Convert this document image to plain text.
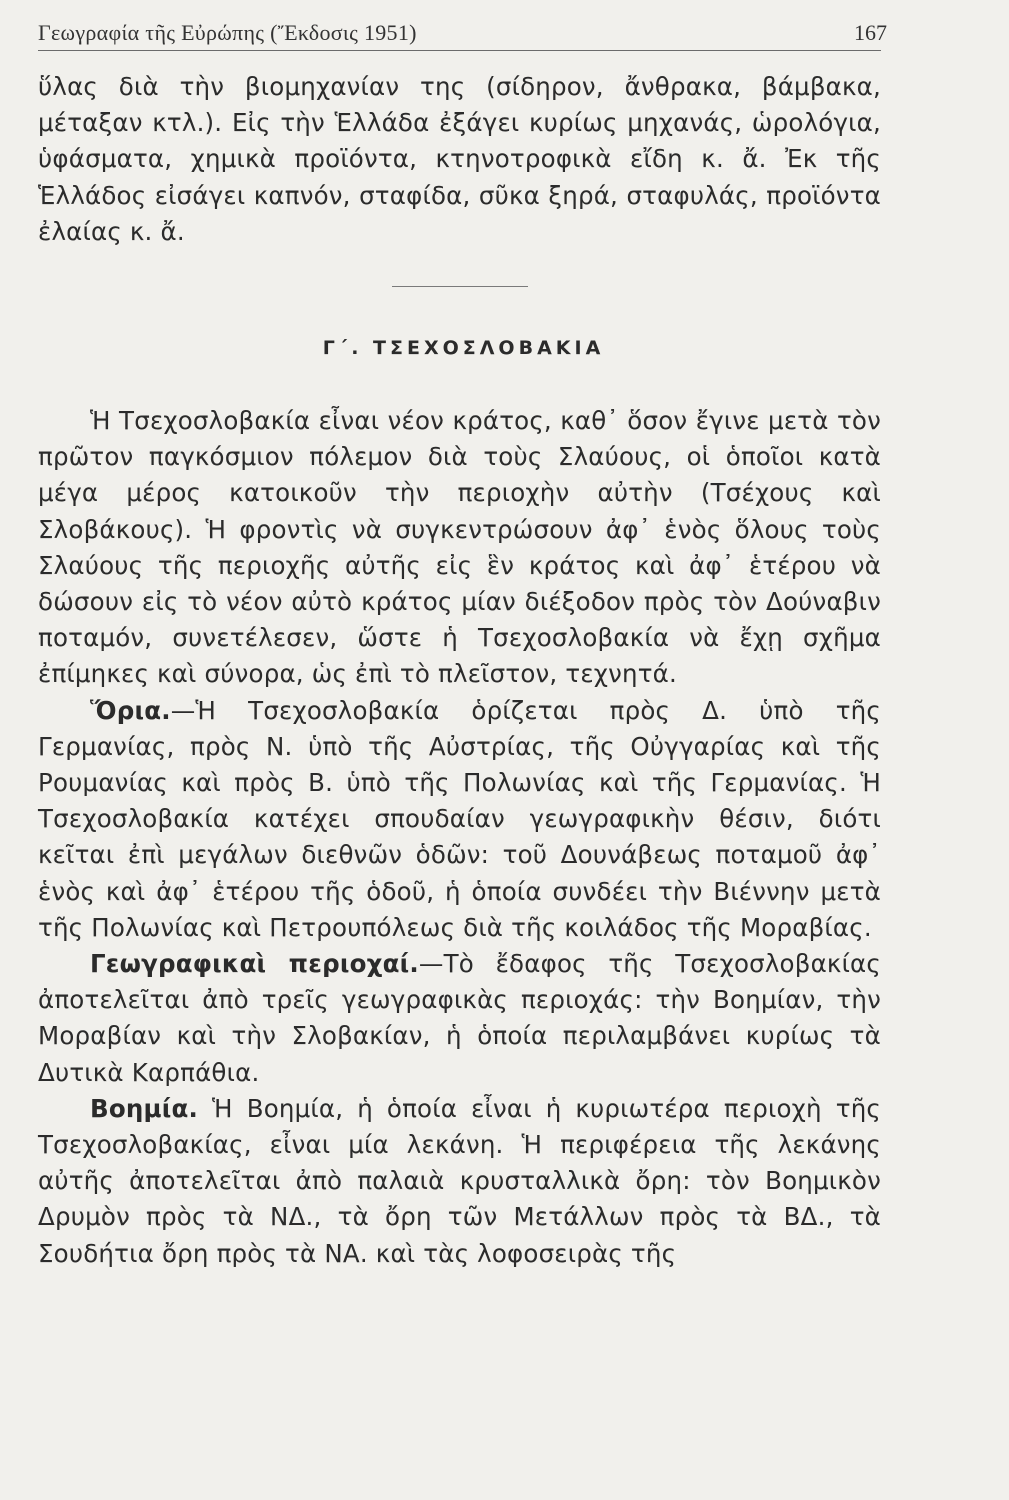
Γεωγραφία τῆς Εὐρώπης (Ἔκδοσις 1951)	167

ὕλας διὰ τὴν βιομηχανίαν της (σίδηρον, ἄνθρακα, βάμβακα, μέταξαν κτλ.). Εἰς τὴν Ἑλλάδα ἐξάγει κυρίως μηχανάς, ὡρολόγια, ὑφάσματα, χημικὰ προϊόντα, κτηνοτροφικὰ εἴδη κ. ἄ. Ἐκ τῆς Ἑλλάδος εἰσάγει καπνόν, σταφίδα, σῦκα ξηρά, σταφυλάς, προϊόντα ἐλαίας κ. ἄ.

Γ΄. ΤΣΕΧΟΣΛΟΒΑΚΙΑ

Ἡ Τσεχοσλοβακία εἶναι νέον κράτος, καθ᾿ ὅσον ἔγινε μετὰ τὸν πρῶτον παγκόσμιον πόλεμον διὰ τοὺς Σλαύους, οἱ ὁποῖοι κατὰ μέγα μέρος κατοικοῦν τὴν περιοχὴν αὐτὴν (Τσέχους καὶ Σλοβάκους). Ἡ φροντὶς νὰ συγκεντρώσουν ἀφ᾿ ἑνὸς ὅλους τοὺς Σλαύους τῆς περιοχῆς αὐτῆς εἰς ἓν κράτος καὶ ἀφ᾿ ἑτέρου νὰ δώσουν εἰς τὸ νέον αὐτὸ κράτος μίαν διέξοδον πρὸς τὸν Δούναβιν ποταμόν, συνετέλεσεν, ὥστε ἡ Τσεχοσλοβακία νὰ ἔχῃ σχῆμα ἐπίμηκες καὶ σύνορα, ὡς ἐπὶ τὸ πλεῖστον, τεχνητά.

Ὅρια.—Ἡ Τσεχοσλοβακία ὁρίζεται πρὸς Δ. ὑπὸ τῆς Γερμανίας, πρὸς Ν. ὑπὸ τῆς Αὐστρίας, τῆς Οὐγγαρίας καὶ τῆς Ρουμανίας καὶ πρὸς Β. ὑπὸ τῆς Πολωνίας καὶ τῆς Γερμανίας. Ἡ Τσεχοσλοβακία κατέχει σπουδαίαν γεωγραφικὴν θέσιν, διότι κεῖται ἐπὶ μεγάλων διεθνῶν ὁδῶν: τοῦ Δουνάβεως ποταμοῦ ἀφ᾿ ἑνὸς καὶ ἀφ᾿ ἑτέρου τῆς ὁδοῦ, ἡ ὁποία συνδέει τὴν Βιέννην μετὰ τῆς Πολωνίας καὶ Πετρουπόλεως διὰ τῆς κοιλάδος τῆς Μοραβίας.

Γεωγραφικαὶ περιοχαί.—Τὸ ἔδαφος τῆς Τσεχοσλοβακίας ἀποτελεῖται ἀπὸ τρεῖς γεωγραφικὰς περιοχάς: τὴν Βοημίαν, τὴν Μοραβίαν καὶ τὴν Σλοβακίαν, ἡ ὁποία περιλαμβάνει κυρίως τὰ Δυτικὰ Καρπάθια.

Βοημία. Ἡ Βοημία, ἡ ὁποία εἶναι ἡ κυριωτέρα περιοχὴ τῆς Τσεχοσλοβακίας, εἶναι μία λεκάνη. Ἡ περιφέρεια τῆς λεκάνης αὐτῆς ἀποτελεῖται ἀπὸ παλαιὰ κρυσταλλικὰ ὄρη: τὸν Βοημικὸν Δρυμὸν πρὸς τὰ ΝΔ., τὰ ὄρη τῶν Μετάλλων πρὸς τὰ ΒΔ., τὰ Σουδήτια ὄρη πρὸς τὰ ΝΑ. καὶ τὰς λοφοσειρὰς τῆς
